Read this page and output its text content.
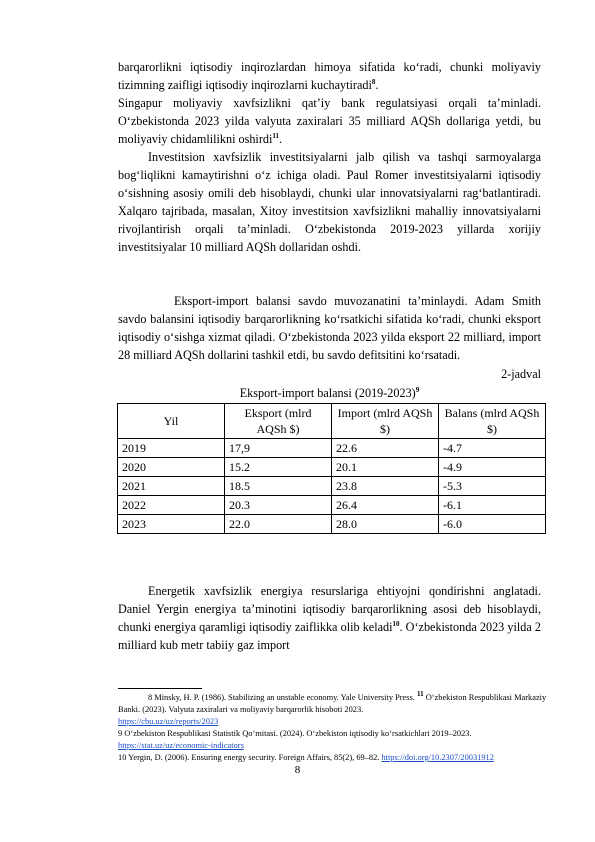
barqarorlikni iqtisodiy inqirozlardan himoya sifatida ko‘radi, chunki moliyaviy tizimning zaifligi iqtisodiy inqirozlarni kuchaytiradi$^8$.

Singapur moliyaviy xavfsizlikni qat’iy bank regulatsiyasi orqali ta’minladi. O‘zbekistonda 2023 yilda valyuta zaxiralari 35 milliard AQSh dollariga yetdi, bu moliyaviy chidamlilikni oshirdi$^{11}$.

Investitsion xavfsizlik investitsiyalarni jalb qilish va tashqi sarmoyalarga bog‘liqlikni kamaytirishni o‘z ichiga oladi. Paul Romer investitsiyalarni iqtisodiy o‘sishning asosiy omili deb hisoblaydi, chunki ular innovatsiyalarni rag‘batlantiradi. Xalqaro tajribada, masalan, Xitoy investitsion xavfsizlikni mahalliy innovatsiyalarni rivojlantirish orqali ta’minladi. O‘zbekistonda 2019-2023 yillarda xorijiy investitsiyalar 10 milliard AQSh dollaridan oshdi.

Eksport-import balansi savdo muvozanatini ta’minlaydi. Adam Smith savdo balansini iqtisodiy barqarorlikning ko‘rsatkichi sifatida ko‘radi, chunki eksport iqtisodiy o‘sishga xizmat qiladi. O‘zbekistonda 2023 yilda eksport 22 milliard, import 28 milliard AQSh dollarini tashkil etdi, bu savdo defitsitini ko‘rsatadi.

2-jadval
Eksport-import balansi (2019-2023)$^9$
Yil	Eksport (mlrd AQSh $)	Import (mlrd AQSh $)	Balans (mlrd AQSh $)
2019	17,9	22.6	-4.7
2020	15.2	20.1	-4.9
2021	18.5	23.8	-5.3
2022	20.3	26.4	-6.1
2023	22.0	28.0	-6.0

Energetik xavfsizlik energiya resurslariga ehtiyojni qondirishni anglatadi. Daniel Yergin energiya ta’minotini iqtisodiy barqarorlikning asosi deb hisoblaydi, chunki energiya qaramligi iqtisodiy zaiflikka olib keladi$^{10}$. O‘zbekistonda 2023 yilda 2 milliard kub metr tabiiy gaz import

8 Minsky, H. P. (1986). Stabilizing an unstable economy. Yale University Press. $^{11}$ O‘zbekiston Respublikasi Markaziy Banki. (2023). Valyuta zaxiralari va moliyaviy barqarorlik hisoboti 2023.

https://cbu.uz/uz/reports/2023

9 O‘zbekiston Respublikasi Statistik Qo‘mitasi. (2024). O‘zbekiston iqtisodiy ko‘rsatkichlari 2019–2023.

https://stat.uz/uz/economic-indicators

10 Yergin, D. (2006). Ensuring energy security. Foreign Affairs, 85(2), 69–82. https://doi.org/10.2307/20031912

8
